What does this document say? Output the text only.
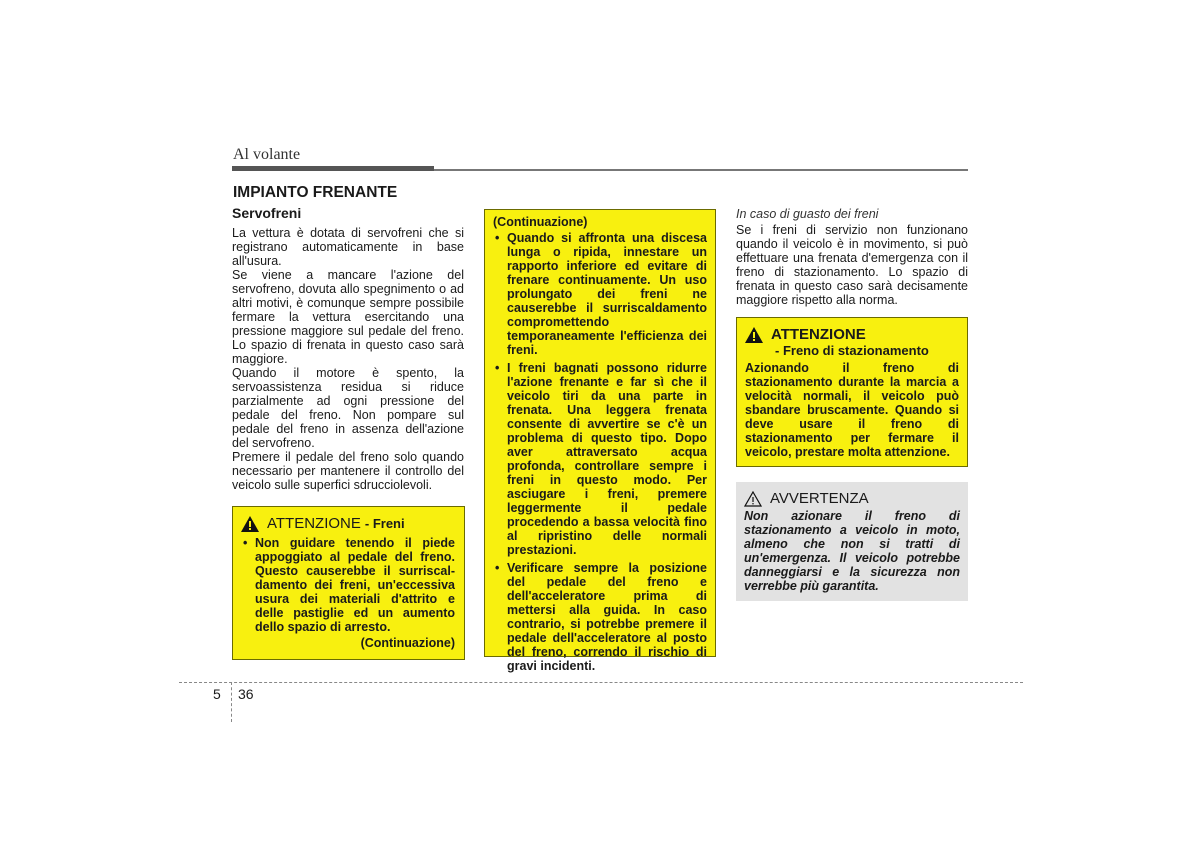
Al volante
IMPIANTO FRENANTE

Servofreni

La vettura è dotata di servofreni che si registrano automaticamente in base all'usura.

Se viene a mancare l'azione del servofreno, dovuta allo spegnimento o ad altri motivi, è comunque sempre possibile fermare la vettura esercitando una pressione maggiore sul pedale del freno. Lo spazio di frenata in questo caso sarà maggiore.

Quando il motore è spento, la servoassistenza residua si riduce parzialmente ad ogni pressione del pedale del freno. Non pompare sul pedale del freno in assenza dell'azione del servofreno.

Premere il pedale del freno solo quando necessario per mantenere il controllo del veicolo sulle superfici sdrucciolevoli.

ATTENZIONE - Freni
• Non guidare tenendo il piede appoggiato al pedale del freno. Questo causerebbe il surriscal-damento dei freni, un'eccessiva usura dei materiali d'attrito e delle pastiglie ed un aumento dello spazio di arresto.
(Continuazione)
(Continuazione)
• Quando si affronta una discesa lunga o ripida, innestare un rapporto inferiore ed evitare di frenare continuamente. Un uso prolungato dei freni ne causerebbe il surriscaldamento compromettendo temporaneamente l'efficienza dei freni.
• I freni bagnati possono ridurre l'azione frenante e far sì che il veicolo tiri da una parte in frenata. Una leggera frenata consente di avvertire se c'è un problema di questo tipo. Dopo aver attraversato acqua profonda, controllare sempre i freni in questo modo. Per asciugare i freni, premere leggermente il pedale procedendo a bassa velocità fino al ripristino delle normali prestazioni.
• Verificare sempre la posizione del pedale del freno e dell'acceleratore prima di mettersi alla guida. In caso contrario, si potrebbe premere il pedale dell'acceleratore al posto del freno, correndo il rischio di gravi incidenti.

In caso di guasto dei freni

Se i freni di servizio non funzionano quando il veicolo è in movimento, si può effettuare una frenata d'emergenza con il freno di stazionamento. Lo spazio di frenata in questo caso sarà decisamente maggiore rispetto alla norma.

ATTENZIONE
- Freno di stazionamento
Azionando il freno di stazionamento durante la marcia a velocità normali, il veicolo può sbandare bruscamente. Quando si deve usare il freno di stazionamento per fermare il veicolo, prestare molta attenzione.
AVVERTENZA
Non azionare il freno di stazionamento a veicolo in moto, almeno che non si tratti di un'emergenza. Il veicolo potrebbe danneggiarsi e la sicurezza non verrebbe più garantita.
5 36
